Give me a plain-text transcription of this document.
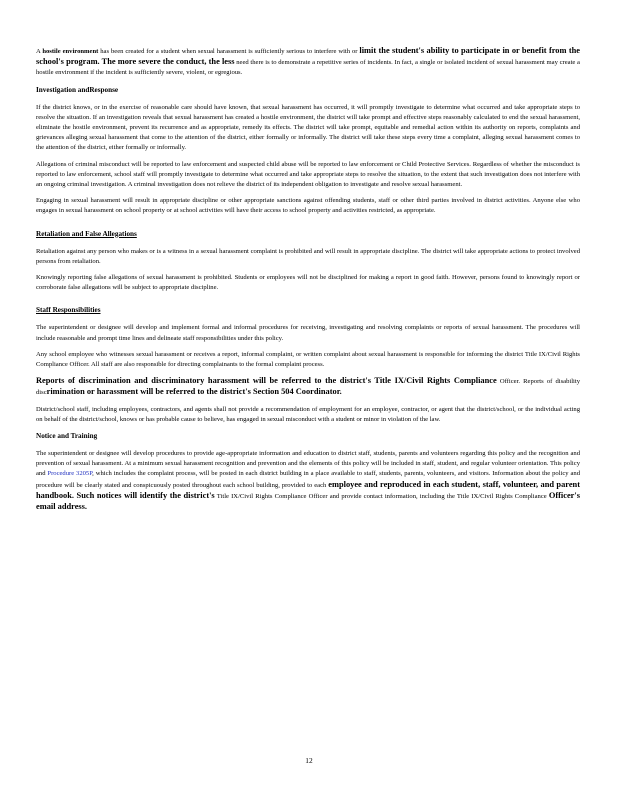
A hostile environment has been created for a student when sexual harassment is sufficiently serious to interfere with or limit the student's ability to participate in or benefit from the school's program. The more severe the conduct, the less need there is to demonstrate a repetitive series of incidents. In fact, a single or isolated incident of sexual harassment may create a hostile environment if the incident is sufficiently severe, violent, or egregious.

Investigation andResponse

If the district knows, or in the exercise of reasonable care should have known, that sexual harassment has occurred, it will promptly investigate to determine what occurred and take appropriate steps to resolve the situation. If an investigation reveals that sexual harassment has created a hostile environment, the district will take prompt and effective steps reasonably calculated to end the sexual harassment, eliminate the hostile environment, prevent its recurrence and as appropriate, remedy its effects. The district will take prompt, equitable and remedial action within its authority on reports, complaints and grievances alleging sexual harassment that come to the attention of the district, either formally or informally. The district will take these steps every time a complaint, alleging sexual harassment comes to the attention of the district, either formally or informally.

Allegations of criminal misconduct will be reported to law enforcement and suspected child abuse will be reported to law enforcement or Child Protective Services. Regardless of whether the misconduct is reported to law enforcement, school staff will promptly investigate to determine what occurred and take appropriate steps to resolve the situation, to the extent that such investigation does not interfere with an ongoing criminal investigation. A criminal investigation does not relieve the district of its independent obligation to investigate and resolve sexual harassment.

Engaging in sexual harassment will result in appropriate discipline or other appropriate sanctions against offending students, staff or other third parties involved in district activities. Anyone else who engages in sexual harassment on school property or at school activities will have their access to school property and activities restricted, as appropriate.

Retaliation and False Allegations

Retaliation against any person who makes or is a witness in a sexual harassment complaint is prohibited and will result in appropriate discipline. The district will take appropriate actions to protect involved persons from retaliation.

Knowingly reporting false allegations of sexual harassment is prohibited. Students or employees will not be disciplined for making a report in good faith. However, persons found to knowingly report or corroborate false allegations will be subject to appropriate discipline.

Staff Responsibilities

The superintendent or designee will develop and implement formal and informal procedures for receiving, investigating and resolving complaints or reports of sexual harassment. The procedures will include reasonable and prompt time lines and delineate staff responsibilities under this policy.

Any school employee who witnesses sexual harassment or receives a report, informal complaint, or written complaint about sexual harassment is responsible for informing the district Title IX/Civil Rights Compliance Officer. All staff are also responsible for directing complainants to the formal complaint process.

Reports of discrimination and discriminatory harassment will be referred to the district's Title IX/Civil Rights Compliance Officer. Reports of disability discrimination or harassment will be referred to the district's Section 504 Coordinator.

District/school staff, including employees, contractors, and agents shall not provide a recommendation of employment for an employee, contractor, or agent that the district/school, or the individual acting on behalf of the district/school, knows or has probable cause to believe, has engaged in sexual misconduct with a student or minor in violation of the law.

Notice and Training

The superintendent or designee will develop procedures to provide age-appropriate information and education to district staff, students, parents and volunteers regarding this policy and the recognition and prevention of sexual harassment. At a minimum sexual harassment recognition and prevention and the elements of this policy will be included in staff, student, and regular volunteer orientation. This policy and Procedure 3205P, which includes the complaint process, will be posted in each district building in a place available to staff, students, parents, volunteers, and visitors. Information about the policy and procedure will be clearly stated and conspicuously posted throughout each school building, provided to each employee and reproduced in each student, staff, volunteer, and parent handbook. Such notices will identify the district's Title IX/Civil Rights Compliance Officer and provide contact information, including the Title IX/Civil Rights Compliance Officer's email address.

12
